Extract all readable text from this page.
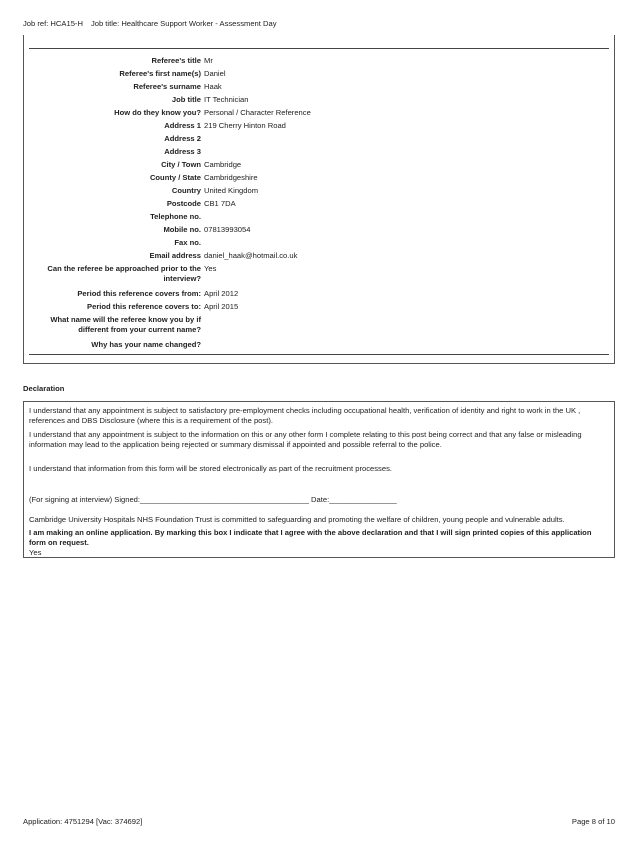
Job ref: HCA15-H Job title: Healthcare Support Worker - Assessment Day
Referee's title Mr
Referee's first name(s) Daniel
Referee's surname Haak
Job title IT Technician
How do they know you? Personal / Character Reference
Address 1 219 Cherry Hinton Road
Address 2
Address 3
City / Town Cambridge
County / State Cambridgeshire
Country United Kingdom
Postcode CB1 7DA
Telephone no.
Mobile no. 07813993054
Fax no.
Email address daniel_haak@hotmail.co.uk
Can the referee be approached prior to the interview?
Yes
Period this reference covers from: April 2012
Period this reference covers to: April 2015
What name will the referee know you by if different from your current name?
Why has your name changed?
Declaration

I understand that any appointment is subject to satisfactory pre-employment checks including occupational health, verification of identity and right to work in the UK , references and DBS Disclosure (where this is a requirement of the post).

I understand that any appointment is subject to the information on this or any other form I complete relating to this post being correct and that any false or misleading information may lead to the application being rejected or summary dismissal if appointed and possible referral to the police.

I understand that information from this form will be stored electronically as part of the recruitment processes.

(For signing at interview) Signed:________________________________________ Date:________________

Cambridge University Hospitals NHS Foundation Trust is committed to safeguarding and promoting the welfare of children, young people and vulnerable adults.

I am making an online application. By marking this box I indicate that I agree with the above declaration and that I will sign printed copies of this application form on request.

Yes

Application: 4751294 [Vac: 374692]	Page 8 of 10
